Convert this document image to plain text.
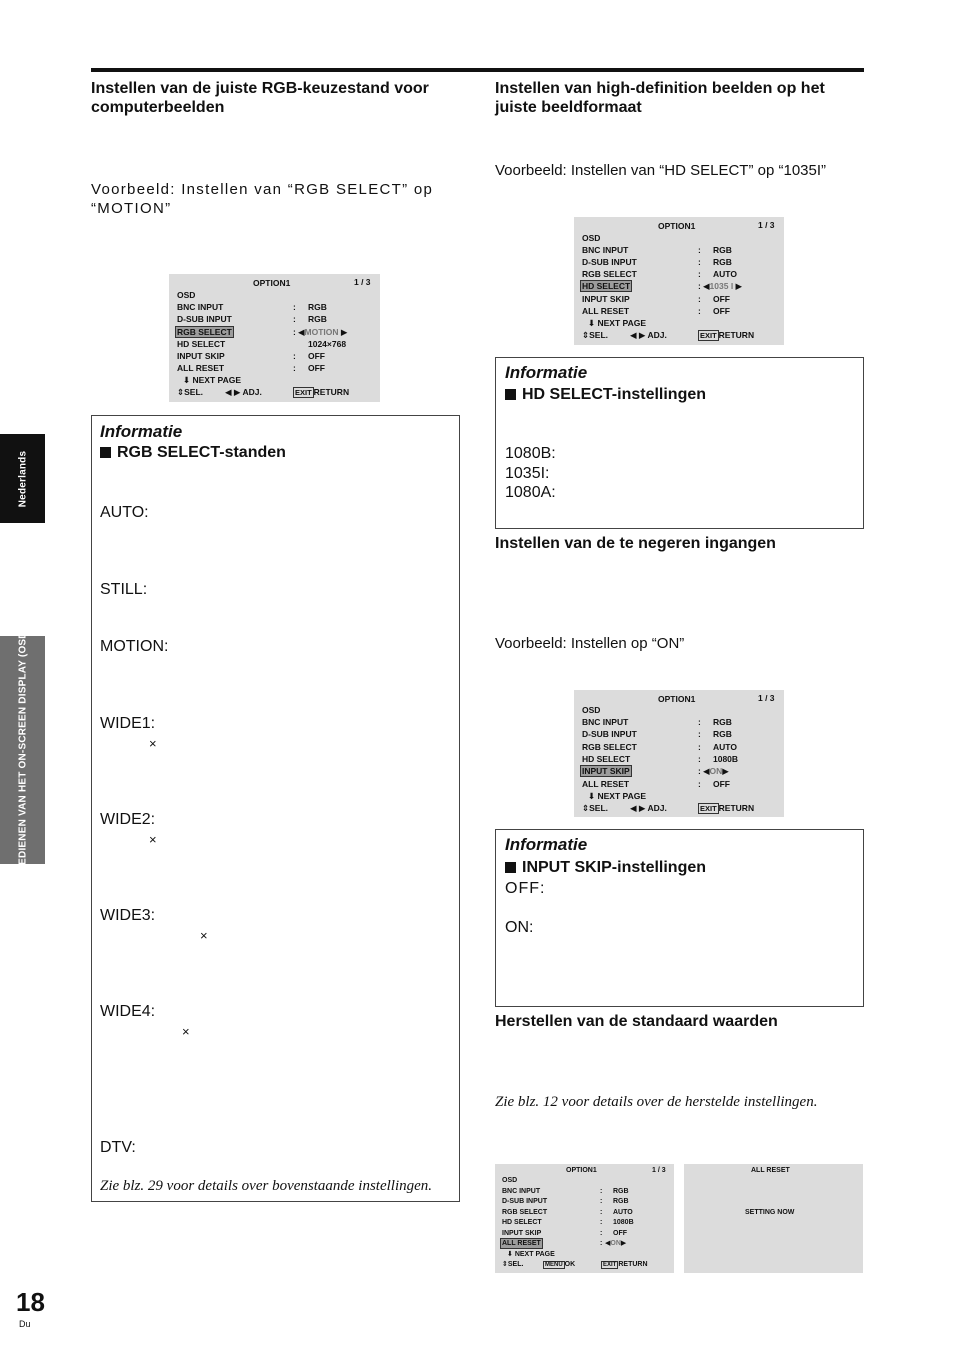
Nederlands
BEDIENEN VAN HET ON-SCREEN DISPLAY (OSD)
Instellen van de juiste RGB-keuzestand voor computerbeelden
Voorbeeld: Instellen van “RGB SELECT” op “MOTION”
OPTION1	1 / 3
OSD
BNC INPUT	: RGB
D-SUB INPUT	: RGB
RGB SELECT	: ◀MOTION ▶
HD SELECT	1024×768
INPUT SKIP	: OFF
ALL RESET	: OFF
⬇ NEXT PAGE
⇕SEL.	◀ ▶ ADJ.	EXIT RETURN
Informatie
RGB SELECT-standen
AUTO:
STILL:
MOTION:
WIDE1:
×
WIDE2:
×
WIDE3:
×
WIDE4:
×
DTV:
Zie blz. 29 voor details over bovenstaande instellingen.
Instellen van high-definition beelden op het juiste beeldformaat
Voorbeeld: Instellen van “HD SELECT” op “1035I”
OPTION1	1 / 3
OSD
BNC INPUT	: RGB
D-SUB INPUT	: RGB
RGB SELECT	: AUTO
HD SELECT	: ◀1035 I ▶
INPUT SKIP	: OFF
ALL RESET	: OFF
⬇ NEXT PAGE
⇕SEL.	◀ ▶ ADJ.	EXIT RETURN
Informatie
HD SELECT-instellingen
1080B:
1035I:
1080A:
Instellen van de te negeren ingangen
Voorbeeld: Instellen op “ON”
OPTION1	1 / 3
OSD
BNC INPUT	: RGB
D-SUB INPUT	: RGB
RGB SELECT	: AUTO
HD SELECT	: 1080B
INPUT SKIP	: ◀ON▶
ALL RESET	: OFF
⬇ NEXT PAGE
⇕SEL.	◀ ▶ ADJ.	EXIT RETURN
Informatie
INPUT SKIP-instellingen
OFF:
ON:
Herstellen van de standaard waarden
Zie blz. 12 voor details over de herstelde instellingen.
OPTION1	1 / 3
OSD
BNC INPUT	: RGB
D-SUB INPUT	: RGB
RGB SELECT	: AUTO
HD SELECT	: 1080B
INPUT SKIP	: OFF
ALL RESET	: ◀ON▶
⬇ NEXT PAGE
⇕SEL.	MENU OK	EXIT RETURN
ALL RESET
SETTING NOW
18
Du
